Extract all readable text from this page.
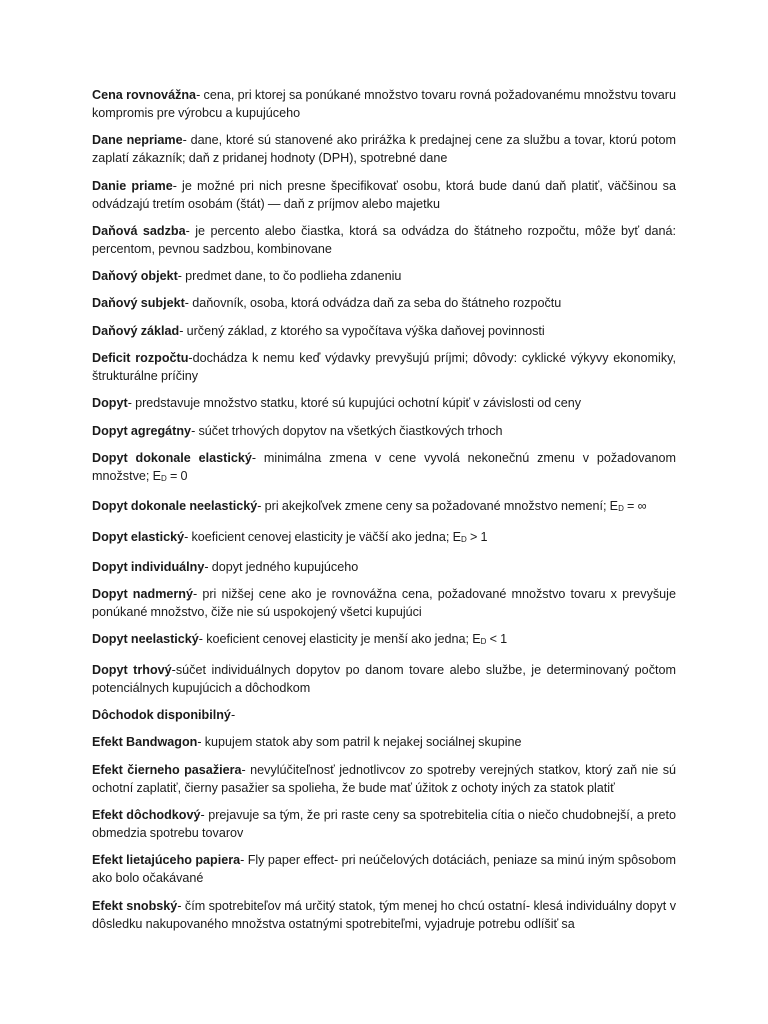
Cena rovnovážna- cena, pri ktorej sa ponúkané množstvo tovaru rovná požadovanému množstvu tovaru kompromis pre výrobcu a kupujúceho

Dane nepriame- dane, ktoré sú stanovené ako prirážka k predajnej cene za službu a tovar, ktorú potom zaplatí zákazník; daň z pridanej hodnoty (DPH), spotrebné dane

Danie priame- je možné pri nich presne špecifikovať osobu, ktorá bude danú daň platiť, väčšinou sa odvádzajú tretím osobám (štát) — daň z príjmov alebo majetku

Daňová sadzba- je percento alebo čiastka, ktorá sa odvádza do štátneho rozpočtu, môže byť daná: percentom, pevnou sadzbou, kombinovane

Daňový objekt- predmet dane, to čo podlieha zdaneniu

Daňový subjekt- daňovník, osoba, ktorá odvádza daň za seba do štátneho rozpočtu

Daňový základ- určený základ, z ktorého sa vypočítava výška daňovej povinnosti

Deficit rozpočtu-dochádza k nemu keď výdavky prevyšujú príjmi; dôvody: cyklické výkyvy ekonomiky, štrukturálne príčiny

Dopyt- predstavuje množstvo statku, ktoré sú kupujúci ochotní kúpiť v závislosti od ceny

Dopyt agregátny- súčet trhových dopytov na všetkých čiastkových trhoch

Dopyt dokonale elastický- minimálna zmena v cene vyvolá nekonečnú zmenu v požadovanom množstve; ED = 0

Dopyt dokonale neelastický- pri akejkoľvek zmene ceny sa požadované množstvo nemení; ED = ∞

Dopyt elastický- koeficient cenovej elasticity je väčší ako jedna; ED > 1

Dopyt individuálny- dopyt jedného kupujúceho

Dopyt nadmerný- pri nižšej cene ako je rovnovážna cena, požadované množstvo tovaru x prevyšuje ponúkané množstvo, čiže nie sú uspokojený všetci kupujúci

Dopyt neelastický- koeficient cenovej elasticity je menší ako jedna; ED < 1

Dopyt trhový-súčet individuálnych dopytov po danom tovare alebo službe, je determinovaný počtom potenciálnych kupujúcich a dôchodkom

Dôchodok disponibilný-

Efekt Bandwagon- kupujem statok aby som patril k nejakej sociálnej skupine

Efekt čierneho pasažiera- nevylúčiteľnosť jednotlivcov zo spotreby verejných statkov, ktorý zaň nie sú ochotní zaplatiť, čierny pasažier sa spolieha, že bude mať úžitok z ochoty iných za statok platiť

Efekt dôchodkový- prejavuje sa tým, že pri raste ceny sa spotrebitelia cítia o niečo chudobnejší, a preto obmedzia spotrebu tovarov

Efekt lietajúceho papiera- Fly paper effect- pri neúčelových dotáciách, peniaze sa minú iným spôsobom ako bolo očakávané

Efekt snobský- čím spotrebiteľov má určitý statok, tým menej ho chcú ostatní- klesá individuálny dopyt v dôsledku nakupovaného množstva ostatnými spotrebiteľmi, vyjadruje potrebu odlíšiť sa
